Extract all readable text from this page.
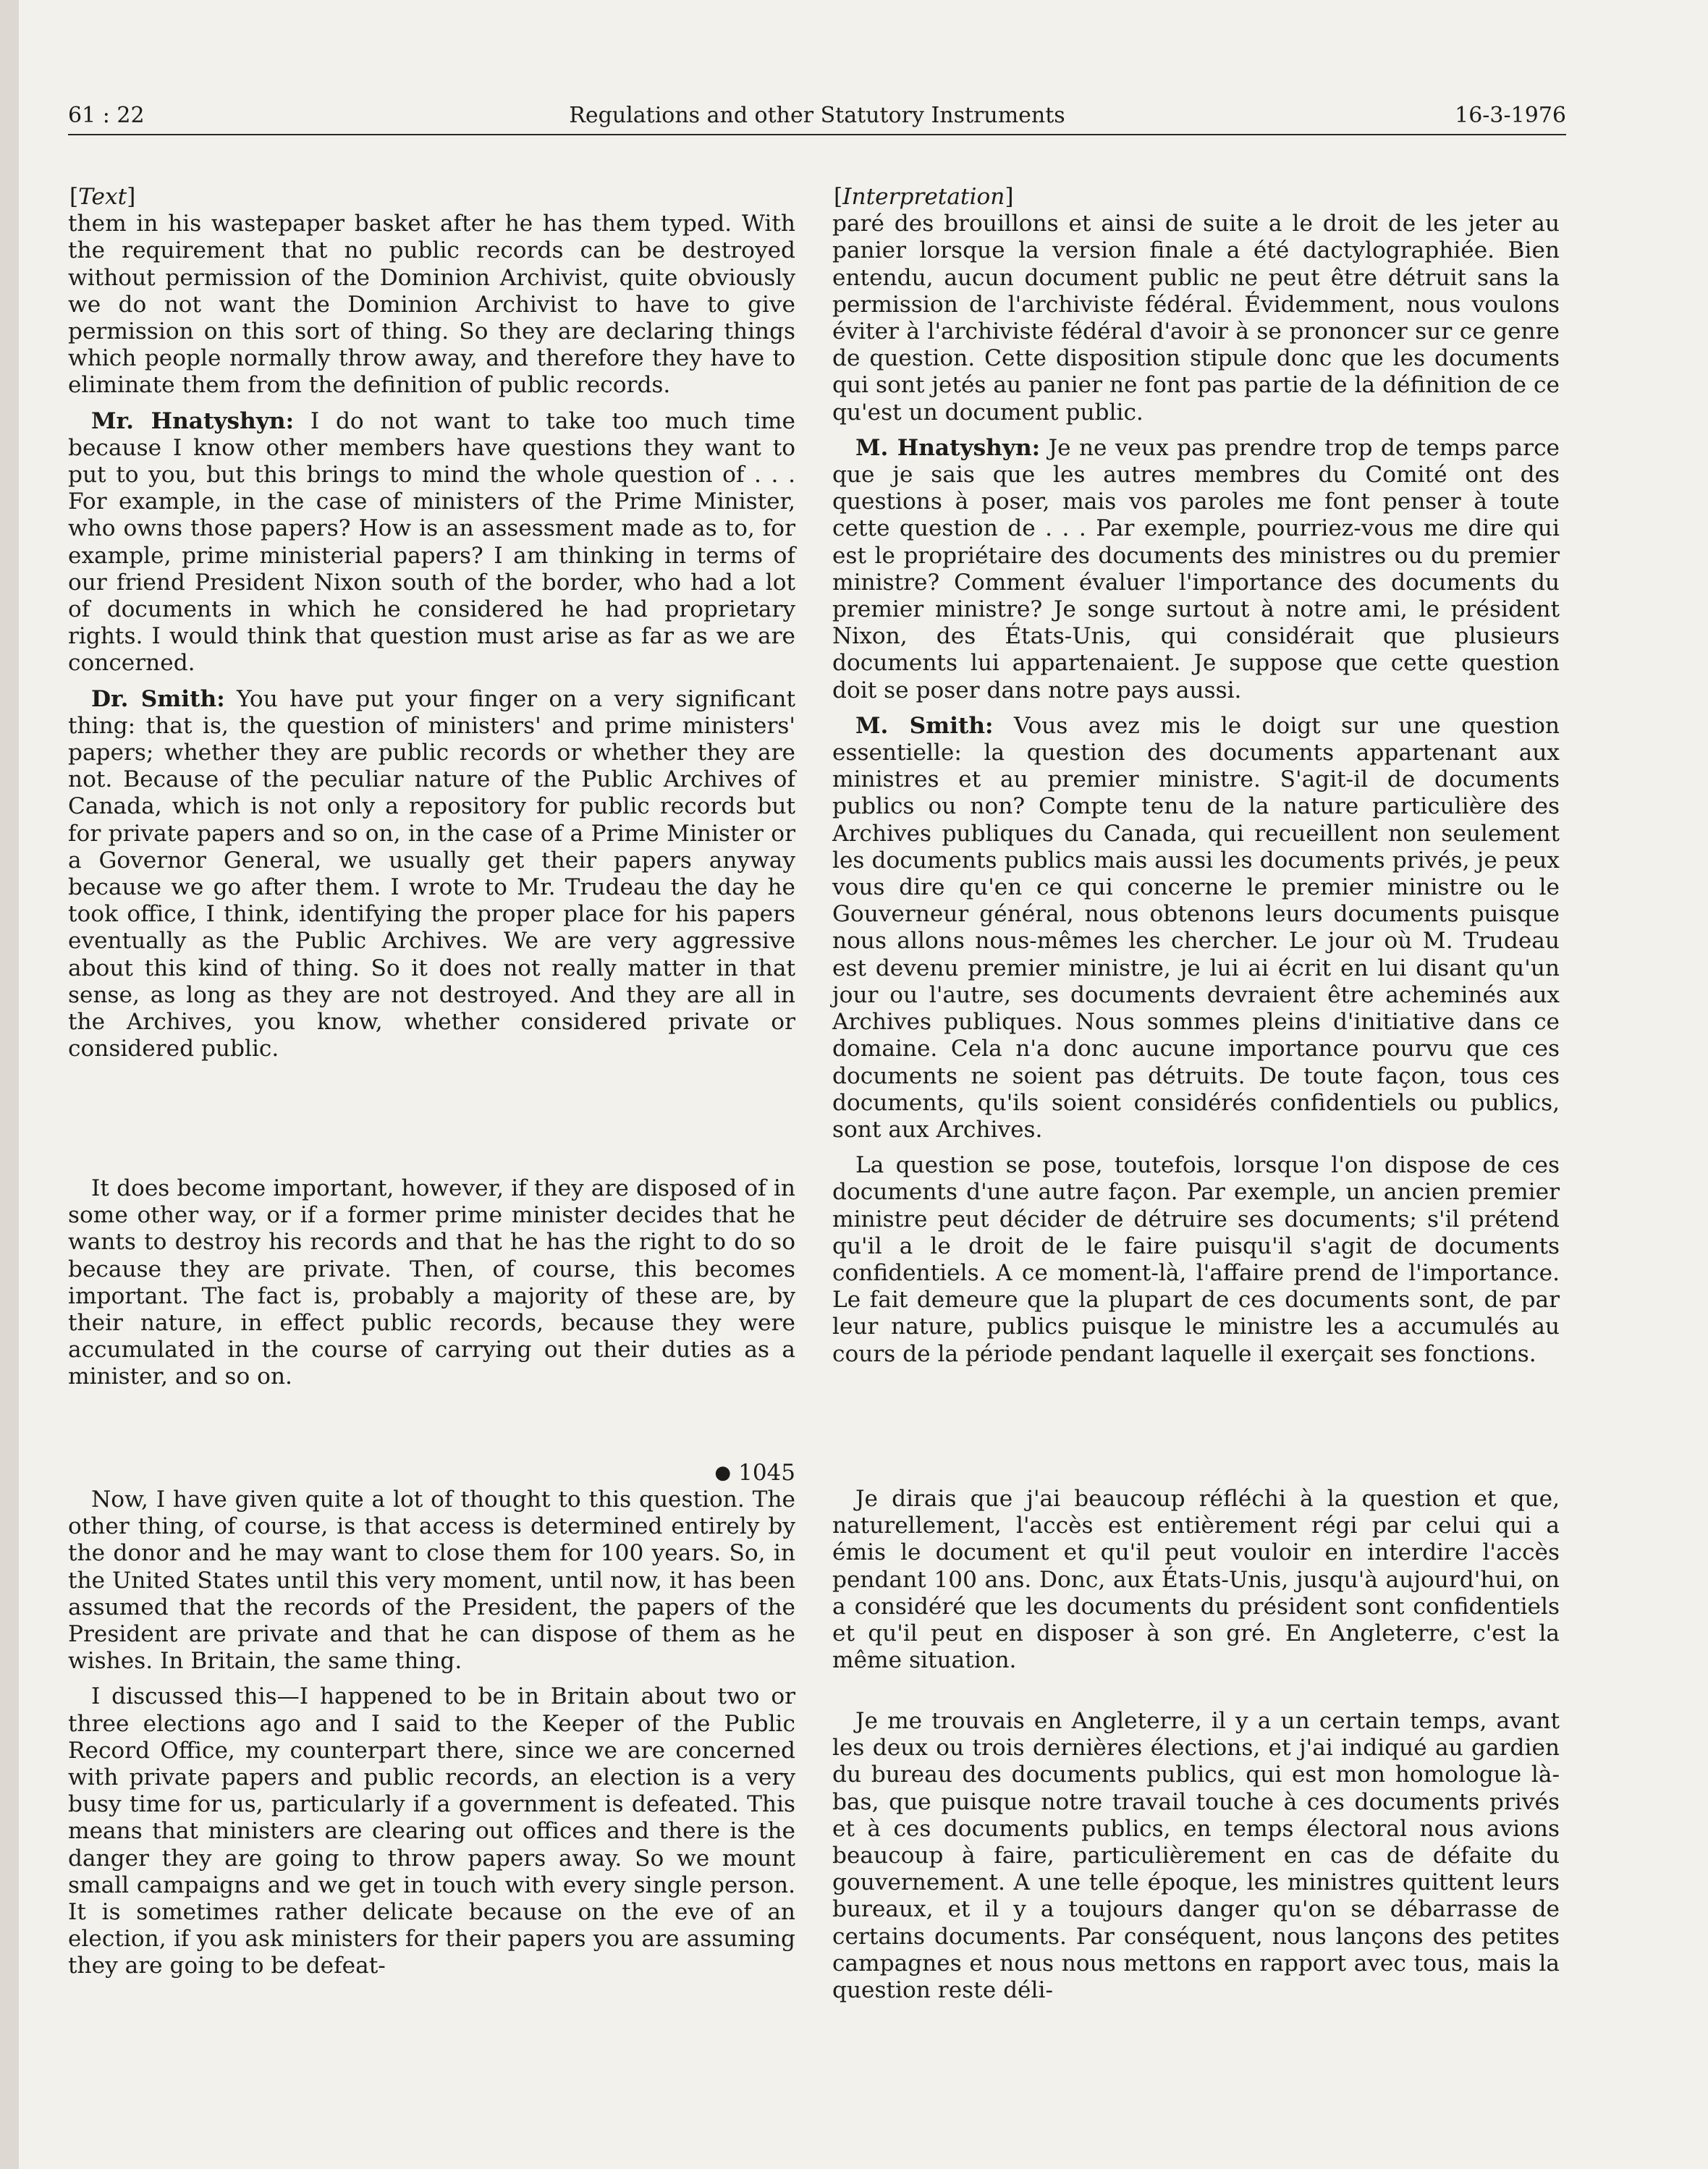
61 : 22	Regulations and other Statutory Instruments	16-3-1976
[ Text ]

them in his wastepaper basket after he has them typed. With the requirement that no public records can be destroyed without permission of the Dominion Archivist, quite obviously we do not want the Dominion Archivist to have to give permission on this sort of thing. So they are declaring things which people normally throw away, and therefore they have to eliminate them from the definition of public records.

Mr. Hnatyshyn: I do not want to take too much time because I know other members have questions they want to put to you, but this brings to mind the whole question of . . . For example, in the case of ministers of the Prime Minister, who owns those papers? How is an assessment made as to, for example, prime ministerial papers? I am thinking in terms of our friend President Nixon south of the border, who had a lot of documents in which he considered he had proprietary rights. I would think that question must arise as far as we are concerned.

Dr. Smith: You have put your finger on a very significant thing: that is, the question of ministers' and prime ministers' papers; whether they are public records or whether they are not. Because of the peculiar nature of the Public Archives of Canada, which is not only a repository for public records but for private papers and so on, in the case of a Prime Minister or a Governor General, we usually get their papers anyway because we go after them. I wrote to Mr. Trudeau the day he took office, I think, identifying the proper place for his papers eventually as the Public Archives. We are very aggressive about this kind of thing. So it does not really matter in that sense, as long as they are not destroyed. And they are all in the Archives, you know, whether considered private or considered public.

It does become important, however, if they are disposed of in some other way, or if a former prime minister decides that he wants to destroy his records and that he has the right to do so because they are private. Then, of course, this becomes important. The fact is, probably a majority of these are, by their nature, in effect public records, because they were accumulated in the course of carrying out their duties as a minister, and so on.

● 1045

Now, I have given quite a lot of thought to this question. The other thing, of course, is that access is determined entirely by the donor and he may want to close them for 100 years. So, in the United States until this very moment, until now, it has been assumed that the records of the President, the papers of the President are private and that he can dispose of them as he wishes. In Britain, the same thing.

I discussed this—I happened to be in Britain about two or three elections ago and I said to the Keeper of the Public Record Office, my counterpart there, since we are concerned with private papers and public records, an election is a very busy time for us, particularly if a government is defeated. This means that ministers are clearing out offices and there is the danger they are going to throw papers away. So we mount small campaigns and we get in touch with every single person. It is sometimes rather delicate because on the eve of an election, if you ask ministers for their papers you are assuming they are going to be defeat-

[ Interpretation ]

paré des brouillons et ainsi de suite a le droit de les jeter au panier lorsque la version finale a été dactylographiée. Bien entendu, aucun document public ne peut être détruit sans la permission de l'archiviste fédéral. Évidemment, nous voulons éviter à l'archiviste fédéral d'avoir à se prononcer sur ce genre de question. Cette disposition stipule donc que les documents qui sont jetés au panier ne font pas partie de la définition de ce qu'est un document public.

M. Hnatyshyn: Je ne veux pas prendre trop de temps parce que je sais que les autres membres du Comité ont des questions à poser, mais vos paroles me font penser à toute cette question de . . . Par exemple, pourriez-vous me dire qui est le propriétaire des documents des ministres ou du premier ministre? Comment évaluer l'importance des documents du premier ministre? Je songe surtout à notre ami, le président Nixon, des États-Unis, qui considérait que plusieurs documents lui appartenaient. Je suppose que cette question doit se poser dans notre pays aussi.

M. Smith: Vous avez mis le doigt sur une question essentielle: la question des documents appartenant aux ministres et au premier ministre. S'agit-il de documents publics ou non? Compte tenu de la nature particulière des Archives publiques du Canada, qui recueillent non seulement les documents publics mais aussi les documents privés, je peux vous dire qu'en ce qui concerne le premier ministre ou le Gouverneur général, nous obtenons leurs documents puisque nous allons nous-mêmes les chercher. Le jour où M. Trudeau est devenu premier ministre, je lui ai écrit en lui disant qu'un jour ou l'autre, ses documents devraient être acheminés aux Archives publiques. Nous sommes pleins d'initiative dans ce domaine. Cela n'a donc aucune importance pourvu que ces documents ne soient pas détruits. De toute façon, tous ces documents, qu'ils soient considérés confidentiels ou publics, sont aux Archives.

La question se pose, toutefois, lorsque l'on dispose de ces documents d'une autre façon. Par exemple, un ancien premier ministre peut décider de détruire ses documents; s'il prétend qu'il a le droit de le faire puisqu'il s'agit de documents confidentiels. A ce moment-là, l'affaire prend de l'importance. Le fait demeure que la plupart de ces documents sont, de par leur nature, publics puisque le ministre les a accumulés au cours de la période pendant laquelle il exerçait ses fonctions.

Je dirais que j'ai beaucoup réfléchi à la question et que, naturellement, l'accès est entièrement régi par celui qui a émis le document et qu'il peut vouloir en interdire l'accès pendant 100 ans. Donc, aux États-Unis, jusqu'à aujourd'hui, on a considéré que les documents du président sont confidentiels et qu'il peut en disposer à son gré. En Angleterre, c'est la même situation.

Je me trouvais en Angleterre, il y a un certain temps, avant les deux ou trois dernières élections, et j'ai indiqué au gardien du bureau des documents publics, qui est mon homologue là-bas, que puisque notre travail touche à ces documents privés et à ces documents publics, en temps électoral nous avions beaucoup à faire, particulièrement en cas de défaite du gouvernement. A une telle époque, les ministres quittent leurs bureaux, et il y a toujours danger qu'on se débarrasse de certains documents. Par conséquent, nous lançons des petites campagnes et nous nous mettons en rapport avec tous, mais la question reste déli-
